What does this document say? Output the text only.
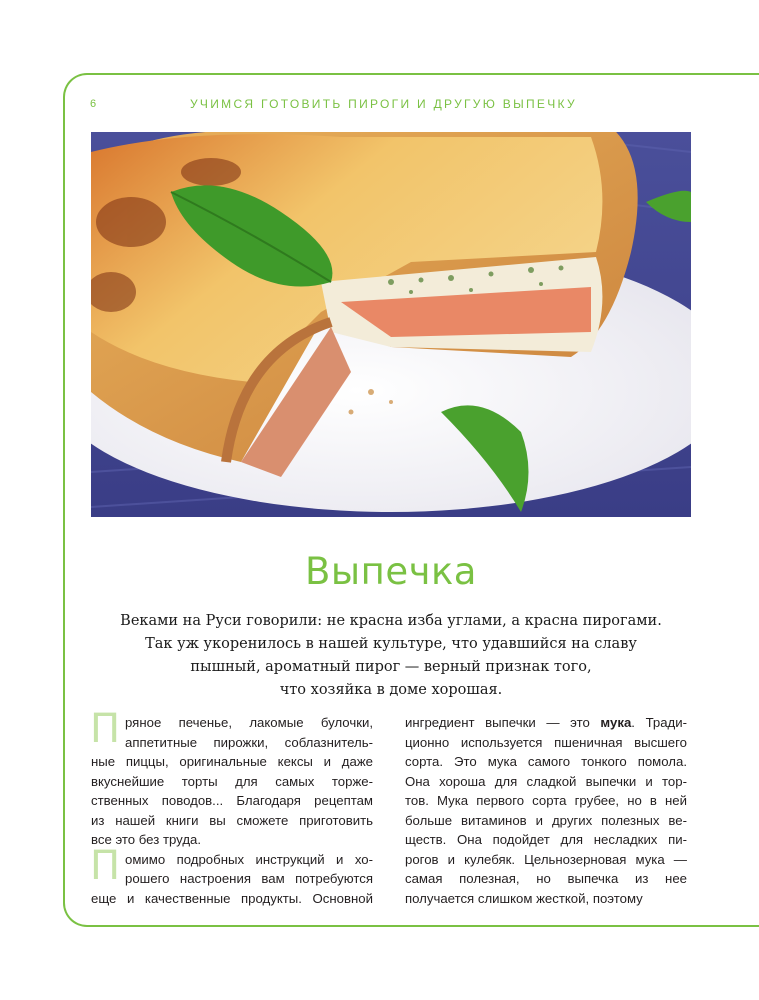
6	УЧИМСЯ ГОТОВИТЬ ПИРОГИ И ДРУГУЮ ВЫПЕЧКУ
Выпечка
Веками на Руси говорили: не красна изба углами, а красна пирогами.
Так уж укоренилось в нашей культуре, что удавшийся на славу
пышный, ароматный пирог — верный признак того,
что хозяйка в доме хорошая.
П ряное печенье, лакомые булочки,
аппетитные пирожки, соблазнитель-
ные пиццы, оригинальные кексы и даже
вкуснейшие торты для самых торже-
ственных поводов... Благодаря рецептам
из нашей книги вы сможете приготовить
все это без труда.
П омимо подробных инструкций и хо-
рошего настроения вам потребуются
еще и качественные продукты. Основной
ингредиент выпечки — это мука. Тради-
ционно используется пшеничная высшего
сорта. Это мука самого тонкого помола.
Она хороша для сладкой выпечки и тор-
тов. Мука первого сорта грубее, но в ней
больше витаминов и других полезных ве-
ществ. Она подойдет для несладких пи-
рогов и кулебяк. Цельнозерновая мука —
самая полезная, но выпечка из нее
получается слишком жесткой, поэтому
